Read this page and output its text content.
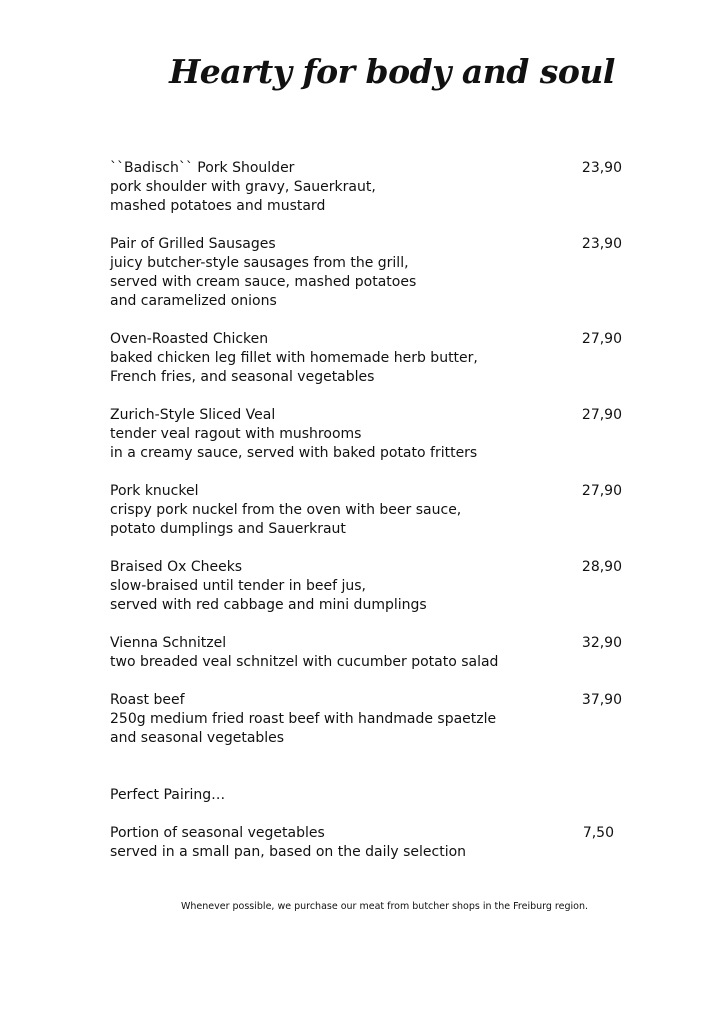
Hearty for body and soul
``Badisch`` Pork Shoulder	23,90
pork shoulder with gravy, Sauerkraut,
mashed potatoes and mustard
Pair of Grilled Sausages	23,90
juicy butcher-style sausages from the grill,
served with cream sauce, mashed potatoes
and caramelized onions
Oven-Roasted Chicken	27,90
baked chicken leg fillet with homemade herb butter,
French fries, and seasonal vegetables
Zurich-Style Sliced Veal	27,90
tender veal ragout with mushrooms
in a creamy sauce, served with baked potato fritters
Pork knuckel	27,90
crispy pork nuckel from the oven with beer sauce,
potato dumplings and Sauerkraut
Braised Ox Cheeks	28,90
slow-braised until tender in beef jus,
served with red cabbage and mini dumplings
Vienna Schnitzel	32,90
two breaded veal schnitzel with cucumber potato salad
Roast beef	37,90
250g medium fried roast beef with handmade spaetzle
and seasonal vegetables
Perfect Pairing…
Portion of seasonal vegetables	7,50
served in a small pan, based on the daily selection
Whenever possible, we purchase our meat from butcher shops in the Freiburg region.
